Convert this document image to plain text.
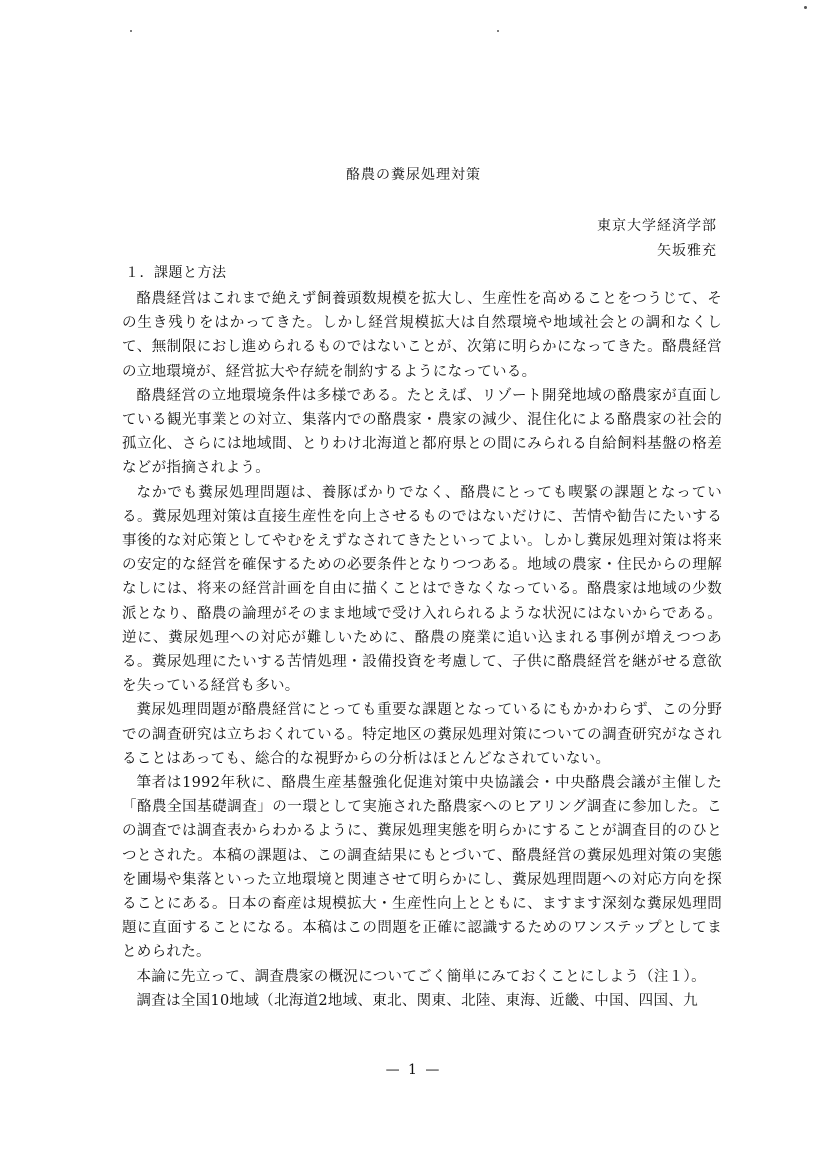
酪農の糞尿処理対策
東京大学経済学部
矢坂雅充
１．課題と方法

酪農経営はこれまで絶えず飼養頭数規模を拡大し、生産性を高めることをつうじて、その生き残りをはかってきた。しかし経営規模拡大は自然環境や地域社会との調和なくして、無制限におし進められるものではないことが、次第に明らかになってきた。酪農経営の立地環境が、経営拡大や存続を制約するようになっている。

酪農経営の立地環境条件は多様である。たとえば、リゾート開発地域の酪農家が直面している観光事業との対立、集落内での酪農家・農家の減少、混住化による酪農家の社会的孤立化、さらには地域間、とりわけ北海道と都府県との間にみられる自給飼料基盤の格差などが指摘されよう。

なかでも糞尿処理問題は、養豚ばかりでなく、酪農にとっても喫緊の課題となっている。糞尿処理対策は直接生産性を向上させるものではないだけに、苦情や勧告にたいする事後的な対応策としてやむをえずなされてきたといってよい。しかし糞尿処理対策は将来の安定的な経営を確保するための必要条件となりつつある。地域の農家・住民からの理解なしには、将来の経営計画を自由に描くことはできなくなっている。酪農家は地域の少数派となり、酪農の論理がそのまま地域で受け入れられるような状況にはないからである。逆に、糞尿処理への対応が難しいために、酪農の廃業に追い込まれる事例が増えつつある。糞尿処理にたいする苦情処理・設備投資を考慮して、子供に酪農経営を継がせる意欲を失っている経営も多い。

糞尿処理問題が酪農経営にとっても重要な課題となっているにもかかわらず、この分野での調査研究は立ちおくれている。特定地区の糞尿処理対策についての調査研究がなされることはあっても、総合的な視野からの分析はほとんどなされていない。

筆者は1992年秋に、酪農生産基盤強化促進対策中央協議会・中央酪農会議が主催した「酪農全国基礎調査」の一環として実施された酪農家へのヒアリング調査に参加した。この調査では調査表からわかるように、糞尿処理実態を明らかにすることが調査目的のひとつとされた。本稿の課題は、この調査結果にもとづいて、酪農経営の糞尿処理対策の実態を圃場や集落といった立地環境と関連させて明らかにし、糞尿処理問題への対応方向を探ることにある。日本の畜産は規模拡大・生産性向上とともに、ますます深刻な糞尿処理問題に直面することになる。本稿はこの問題を正確に認識するためのワンステップとしてまとめられた。

本論に先立って、調査農家の概況についてごく簡単にみておくことにしよう（注１）。

調査は全国10地域（北海道2地域、東北、関東、北陸、東海、近畿、中国、四国、九

— 1 —
